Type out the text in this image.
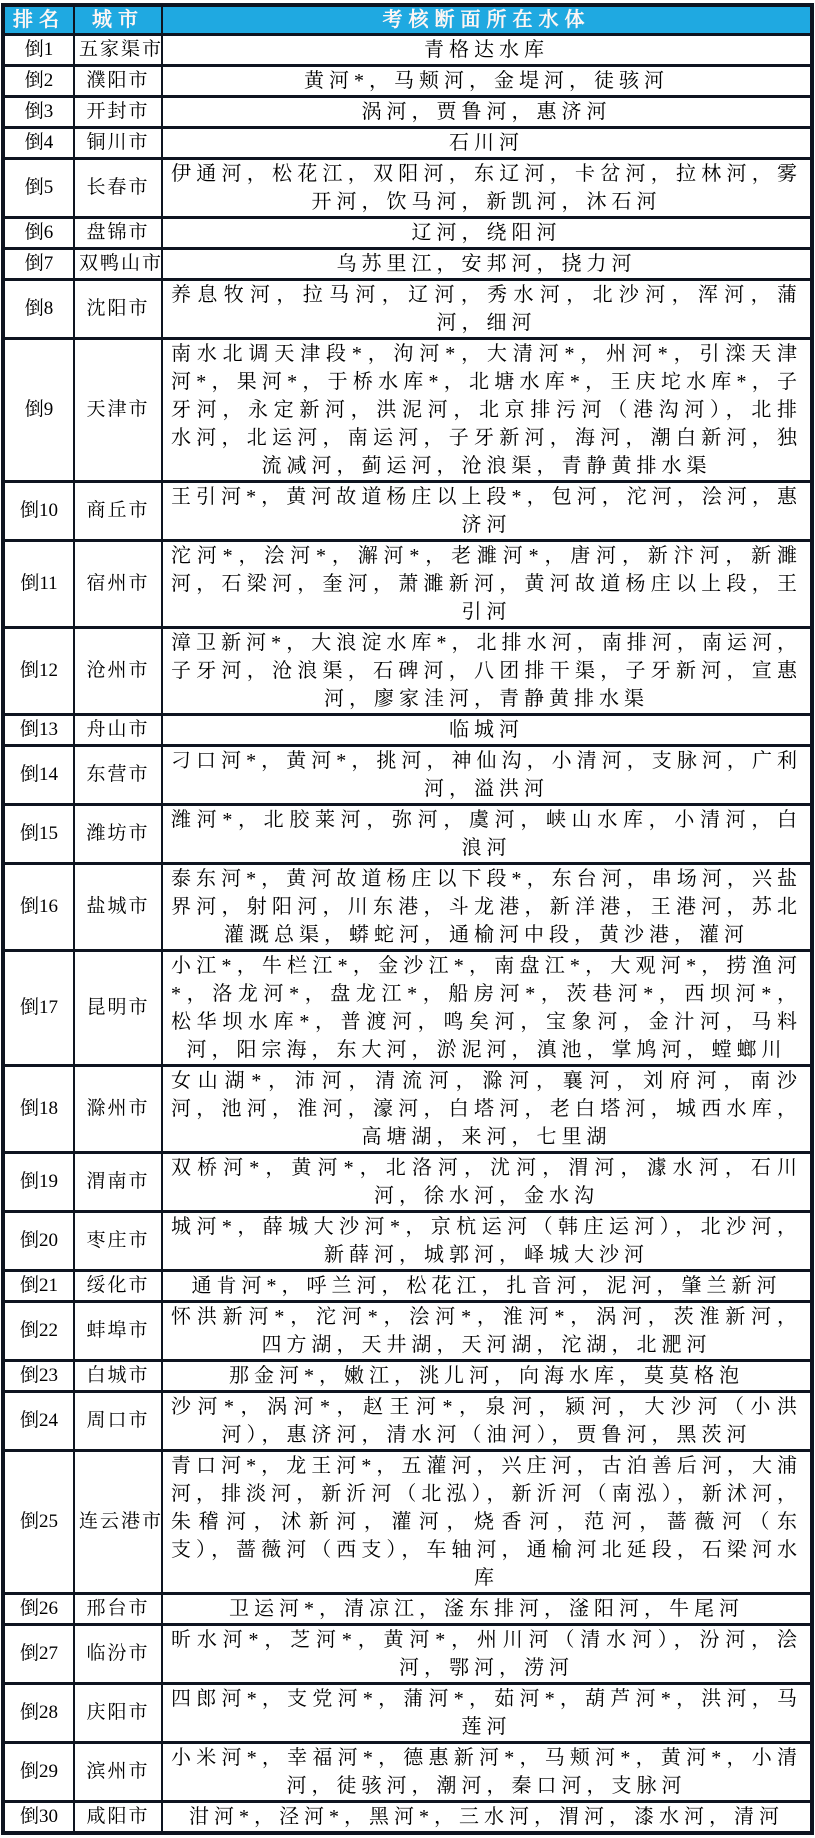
排名	城市	考核断面所在水体
倒1	五家渠市	青格达水库
倒2	濮阳市	黄河*，马颊河，金堤河，徒骇河
倒3	开封市	涡河，贾鲁河，惠济河
倒4	铜川市	石川河
倒5	长春市	伊通河，松花江，双阳河，东辽河，卡岔河，拉林河，雾开河，饮马河，新凯河，沐石河
倒6	盘锦市	辽河，绕阳河
倒7	双鸭山市	乌苏里江，安邦河，挠力河
倒8	沈阳市	养息牧河，拉马河，辽河，秀水河，北沙河，浑河，蒲河，细河
倒9	天津市	南水北调天津段*，泃河*，大清河*，州河*，引滦天津河*，果河*，于桥水库*，北塘水库*，王庆坨水库*，子牙河，永定新河，洪泥河，北京排污河（港沟河），北排水河，北运河，南运河，子牙新河，海河，潮白新河，独流减河，蓟运河，沧浪渠，青静黄排水渠
倒10	商丘市	王引河*，黄河故道杨庄以上段*，包河，沱河，浍河，惠济河
倒11	宿州市	沱河*，浍河*，澥河*，老濉河*，唐河，新汴河，新濉河，石梁河，奎河，萧濉新河，黄河故道杨庄以上段，王引河
倒12	沧州市	漳卫新河*，大浪淀水库*，北排水河，南排河，南运河，子牙河，沧浪渠，石碑河，八团排干渠，子牙新河，宣惠河，廖家洼河，青静黄排水渠
倒13	舟山市	临城河
倒14	东营市	刁口河*，黄河*，挑河，神仙沟，小清河，支脉河，广利河，溢洪河
倒15	潍坊市	潍河*，北胶莱河，弥河，虞河，峡山水库，小清河，白浪河
倒16	盐城市	泰东河*，黄河故道杨庄以下段*，东台河，串场河，兴盐界河，射阳河，川东港，斗龙港，新洋港，王港河，苏北灌溉总渠，蟒蛇河，通榆河中段，黄沙港，灌河
倒17	昆明市	小江*，牛栏江*，金沙江*，南盘江*，大观河*，捞渔河*，洛龙河*，盘龙江*，船房河*，茨巷河*，西坝河*，松华坝水库*，普渡河，鸣矣河，宝象河，金汁河，马料河，阳宗海，东大河，淤泥河，滇池，掌鸠河，螳螂川
倒18	滁州市	女山湖*，沛河，清流河，滁河，襄河，刘府河，南沙河，池河，淮河，濠河，白塔河，老白塔河，城西水库，高塘湖，来河，七里湖
倒19	渭南市	双桥河*，黄河*，北洛河，沋河，渭河，澽水河，石川河，徐水河，金水沟
倒20	枣庄市	城河*，薛城大沙河*，京杭运河（韩庄运河），北沙河，新薛河，城郭河，峄城大沙河
倒21	绥化市	通肯河*，呼兰河，松花江，扎音河，泥河，肇兰新河
倒22	蚌埠市	怀洪新河*，沱河*，浍河*，淮河*，涡河，茨淮新河，四方湖，天井湖，天河湖，沱湖，北淝河
倒23	白城市	那金河*，嫩江，洮儿河，向海水库，莫莫格泡
倒24	周口市	沙河*，涡河*，赵王河*，泉河，颍河，大沙河（小洪河），惠济河，清水河（油河），贾鲁河，黑茨河
倒25	连云港市	青口河*，龙王河*，五灌河，兴庄河，古泊善后河，大浦河，排淡河，新沂河（北泓），新沂河（南泓），新沭河，朱稽河，沭新河，灌河，烧香河，范河，蔷薇河（东支），蔷薇河（西支），车轴河，通榆河北延段，石梁河水库
倒26	邢台市	卫运河*，清凉江，滏东排河，滏阳河，牛尾河
倒27	临汾市	昕水河*，芝河*，黄河*，州川河（清水河），汾河，浍河，鄂河，涝河
倒28	庆阳市	四郎河*，支党河*，蒲河*，茹河*，葫芦河*，洪河，马莲河
倒29	滨州市	小米河*，幸福河*，德惠新河*，马颊河*，黄河*，小清河，徒骇河，潮河，秦口河，支脉河
倒30	咸阳市	泔河*，泾河*，黑河*，三水河，渭河，漆水河，清河
